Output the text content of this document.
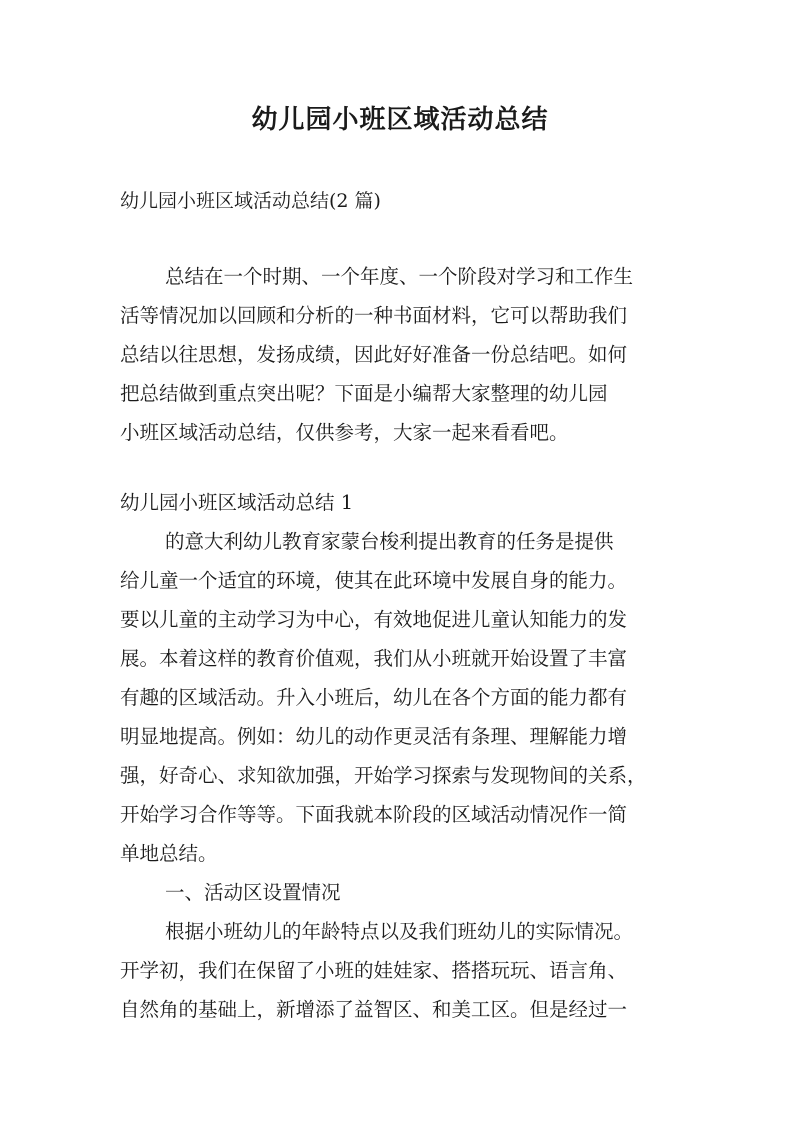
幼儿园小班区域活动总结
幼儿园小班区域活动总结(2 篇)
总结在一个时期、一个年度、一个阶段对学习和工作生
活等情况加以回顾和分析的一种书面材料，它可以帮助我们
总结以往思想，发扬成绩，因此好好准备一份总结吧。如何
把总结做到重点突出呢？下面是小编帮大家整理的幼儿园
小班区域活动总结，仅供参考，大家一起来看看吧。
幼儿园小班区域活动总结 1
的意大利幼儿教育家蒙台梭利提出教育的任务是提供
给儿童一个适宜的环境，使其在此环境中发展自身的能力。
要以儿童的主动学习为中心，有效地促进儿童认知能力的发
展。本着这样的教育价值观，我们从小班就开始设置了丰富
有趣的区域活动。升入小班后，幼儿在各个方面的能力都有
明显地提高。例如：幼儿的动作更灵活有条理、理解能力增
强，好奇心、求知欲加强，开始学习探索与发现物间的关系，
开始学习合作等等。下面我就本阶段的区域活动情况作一简
单地总结。
一、活动区设置情况
根据小班幼儿的年龄特点以及我们班幼儿的实际情况。
开学初，我们在保留了小班的娃娃家、搭搭玩玩、语言角、
自然角的基础上，新增添了益智区、和美工区。但是经过一
